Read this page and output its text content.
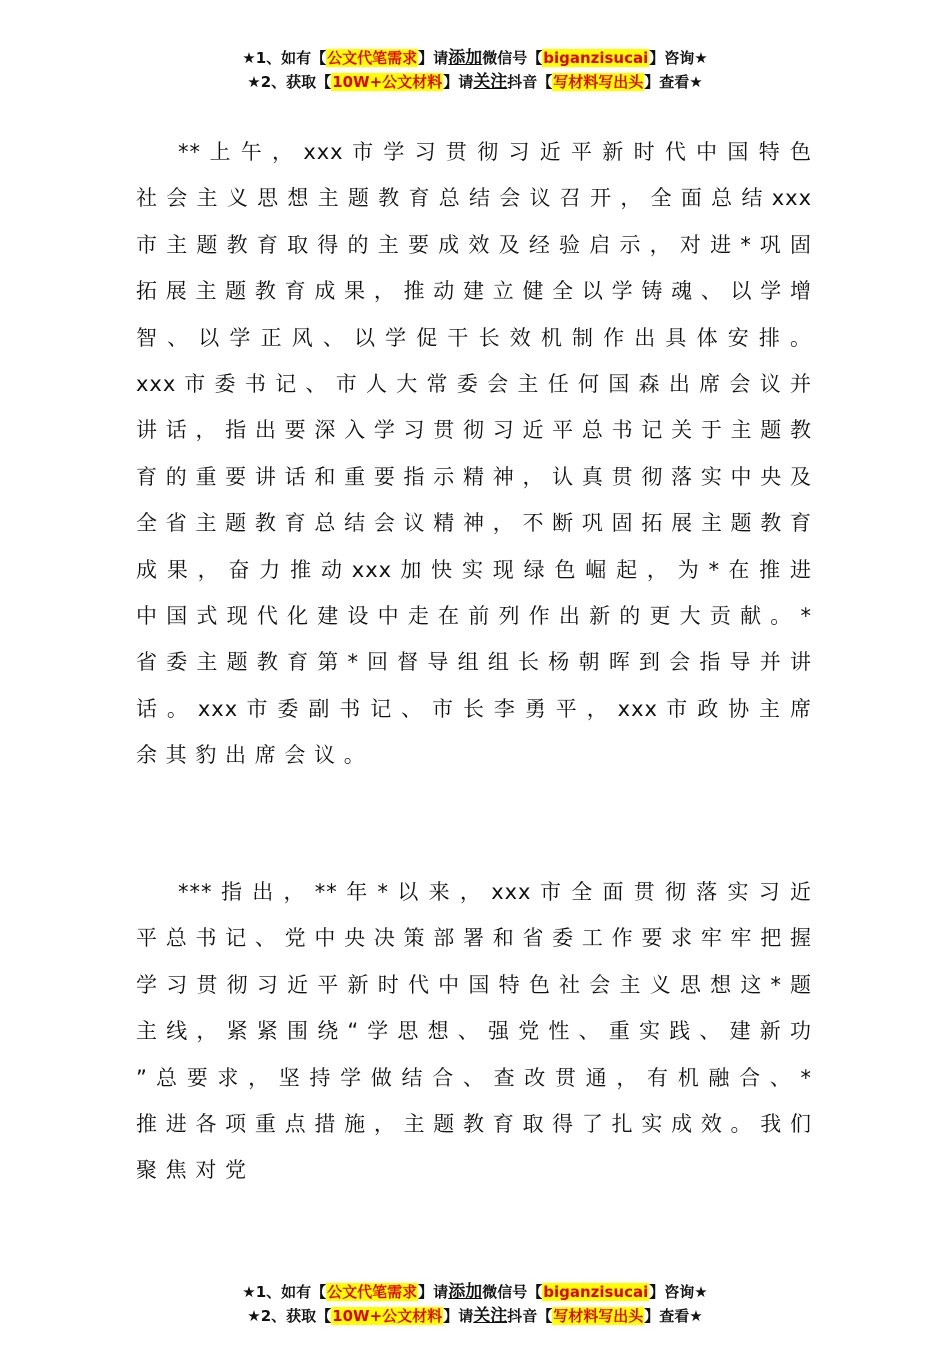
★1、如有【公文代笔需求】请添加微信号【biganzisucai】咨询★
★2、获取【10W+公文材料】请关注抖音【写材料写出头】查看★

** 上 午 ， xxx 市 学 习 贯 彻 习 近 平 新 时 代 中 国 特 色 社 会 主 义 思 想 主 题 教 育 总 结 会 议 召 开 ， 全 面 总 结 xxx 市 主 题 教 育 取 得 的 主 要 成 效 及 经 验 启 示 ， 对 进 * 巩 固 拓 展 主 题 教 育 成 果 ， 推 动 建 立 健 全 以 学 铸 魂 、 以 学 增 智 、 以 学 正 风 、 以 学 促 干 长 效 机 制 作 出 具 体 安 排 。 xxx 市 委 书 记 、 市 人 大 常 委 会 主 任 何 国 森 出 席 会 议 并 讲 话 ， 指 出 要 深 入 学 习 贯 彻 习 近 平 总 书 记 关 于 主 题 教 育 的 重 要 讲 话 和 重 要 指 示 精 神 ， 认 真 贯 彻 落 实 中 央 及 全 省 主 题 教 育 总 结 会 议 精 神 ， 不 断 巩 固 拓 展 主 题 教 育 成 果 ， 奋 力 推 动 xxx 加 快 实 现 绿 色 崛 起 ， 为 * 在 推 进 中 国 式 现 代 化 建 设 中 走 在 前 列 作 出 新 的 更 大 贡 献 。 * 省 委 主 题 教 育 第 * 回 督 导 组 组 长 杨 朝 晖 到 会 指 导 并 讲 话 。 xxx 市 委 副 书 记 、 市 长 李 勇 平 ， xxx 市 政 协 主 席 余 其 豹 出 席 会 议 。

*** 指 出 ， ** 年 * 以 来 ， xxx 市 全 面 贯 彻 落 实 习 近 平 总 书 记 、 党 中 央 决 策 部 署 和 省 委 工 作 要 求 牢 牢 把 握 学 习 贯 彻 习 近 平 新 时 代 中 国 特 色 社 会 主 义 思 想 这 * 题 主 线 ， 紧 紧 围 绕 “ 学 思 想 、 强 党 性 、 重 实 践 、 建 新 功 ” 总 要 求 ， 坚 持 学 做 结 合 、 查 改 贯 通 ， 有 机 融 合 、 * 推 进 各 项 重 点 措 施 ， 主 题 教 育 取 得 了 扎 实 成 效 。 我 们 聚 焦 对 党

★1、如有【公文代笔需求】请添加微信号【biganzisucai】咨询★
★2、获取【10W+公文材料】请关注抖音【写材料写出头】查看★
